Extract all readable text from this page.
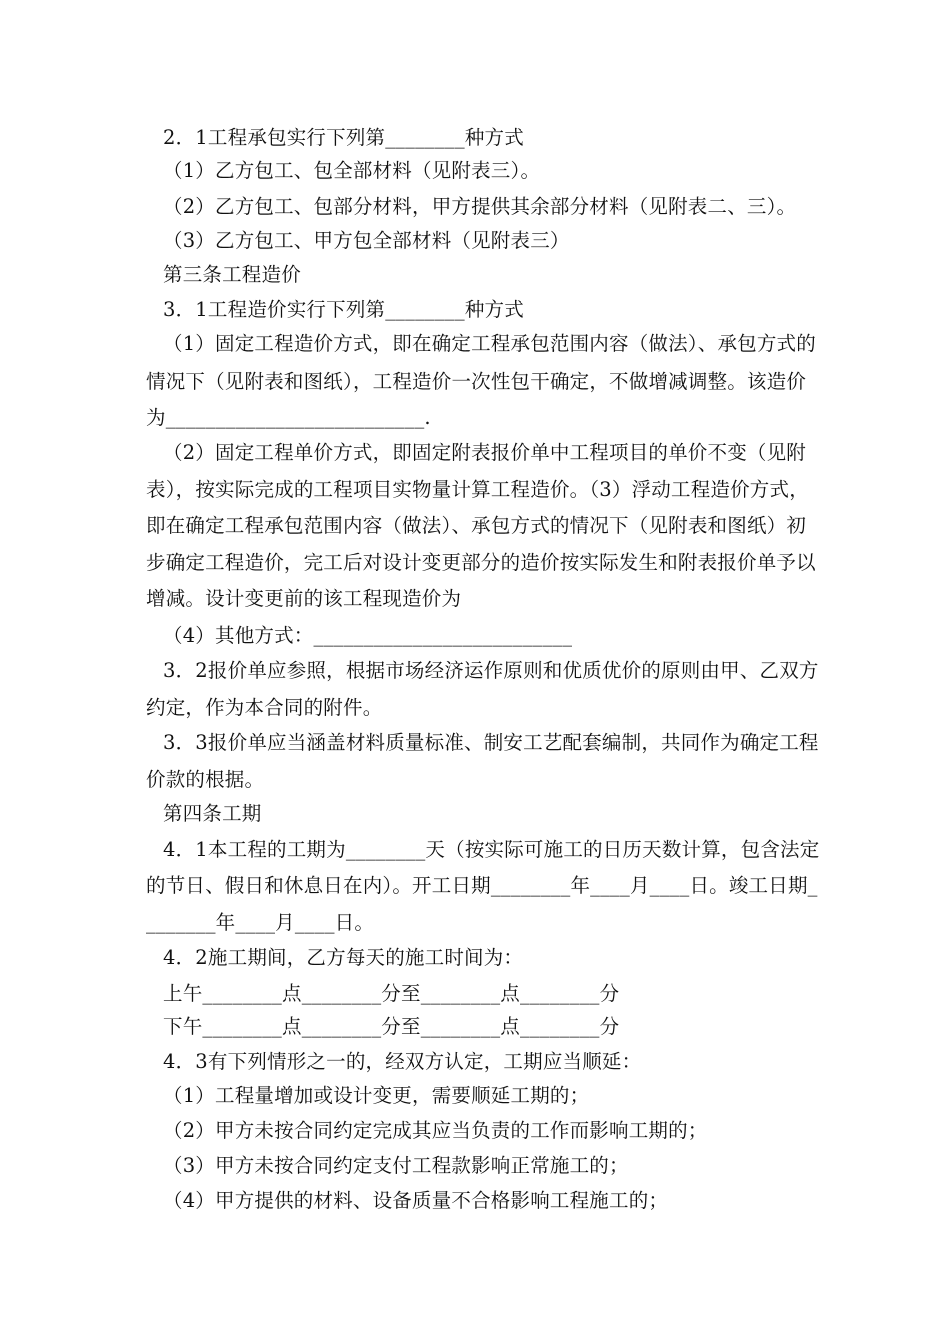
2．1工程承包实行下列第________种方式
（1）乙方包工、包全部材料（见附表三）。
（2）乙方包工、包部分材料，甲方提供其余部分材料（见附表二、三）。
（3）乙方包工、甲方包全部材料（见附表三）
第三条工程造价
3．1工程造价实行下列第________种方式
（1）固定工程造价方式，即在确定工程承包范围内容（做法）、承包方式的
情况下（见附表和图纸），工程造价一次性包干确定，不做增减调整。该造价
为__________________________.
（2）固定工程单价方式，即固定附表报价单中工程项目的单价不变（见附
表），按实际完成的工程项目实物量计算工程造价。（3）浮动工程造价方式，
即在确定工程承包范围内容（做法）、承包方式的情况下（见附表和图纸）初
步确定工程造价，完工后对设计变更部分的造价按实际发生和附表报价单予以
增减。设计变更前的该工程现造价为
（4）其他方式：__________________________
3．2报价单应参照，根据市场经济运作原则和优质优价的原则由甲、乙双方
约定，作为本合同的附件。
3．3报价单应当涵盖材料质量标准、制安工艺配套编制，共同作为确定工程
价款的根据。
第四条工期
4．1本工程的工期为________天（按实际可施工的日历天数计算，包含法定
的节日、假日和休息日在内）。开工日期________年____月____日。竣工日期_
_______年____月____日。
4．2施工期间，乙方每天的施工时间为：
上午________点________分至________点________分
下午________点________分至________点________分
4．3有下列情形之一的，经双方认定，工期应当顺延：
（1）工程量增加或设计变更，需要顺延工期的；
（2）甲方未按合同约定完成其应当负责的工作而影响工期的；
（3）甲方未按合同约定支付工程款影响正常施工的；
（4）甲方提供的材料、设备质量不合格影响工程施工的；
